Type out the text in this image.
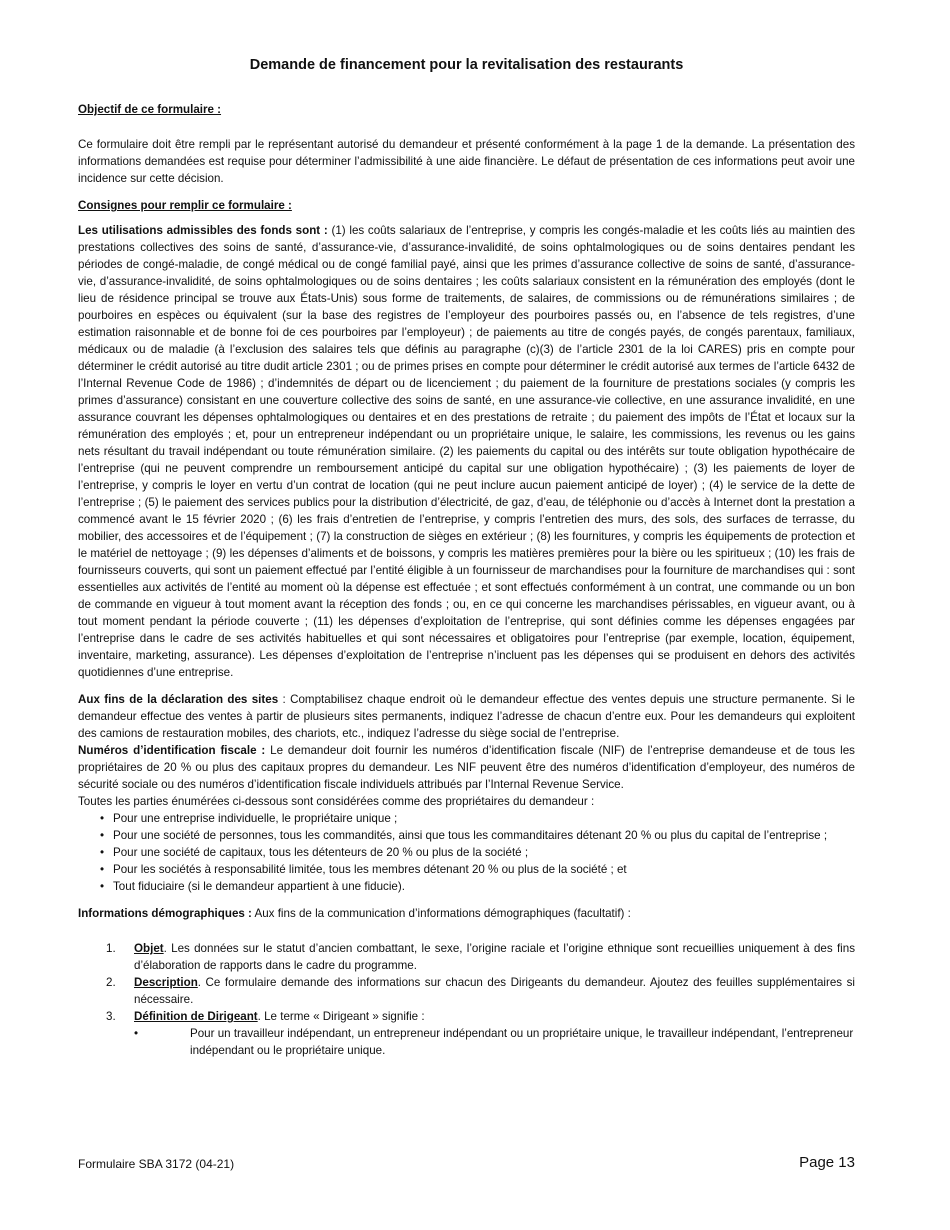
Demande de financement pour la revitalisation des restaurants

Objectif de ce formulaire :

Ce formulaire doit être rempli par le représentant autorisé du demandeur et présenté conformément à la page 1 de la demande. La présentation des informations demandées est requise pour déterminer l’admissibilité à une aide financière. Le défaut de présentation de ces informations peut avoir une incidence sur cette décision.

Consignes pour remplir ce formulaire :

Les utilisations admissibles des fonds sont : (1) les coûts salariaux de l’entreprise, y compris les congés-maladie et les coûts liés au maintien des prestations collectives des soins de santé, d’assurance-vie, d’assurance-invalidité, de soins ophtalmologiques ou de soins dentaires pendant les périodes de congé-maladie, de congé médical ou de congé familial payé, ainsi que les primes d’assurance collective de soins de santé, d’assurance-vie, d’assurance-invalidité, de soins ophtalmologiques ou de soins dentaires ; les coûts salariaux consistent en la rémunération des employés (dont le lieu de résidence principal se trouve aux États-Unis) sous forme de traitements, de salaires, de commissions ou de rémunérations similaires ; de pourboires en espèces ou équivalent (sur la base des registres de l’employeur des pourboires passés ou, en l’absence de tels registres, d’une estimation raisonnable et de bonne foi de ces pourboires par l’employeur) ; de paiements au titre de congés payés, de congés parentaux, familiaux, médicaux ou de maladie (à l’exclusion des salaires tels que définis au paragraphe (c)(3) de l’article 2301 de la loi CARES) pris en compte pour déterminer le crédit autorisé au titre dudit article 2301 ; ou de primes prises en compte pour déterminer le crédit autorisé aux termes de l’article 6432 de l’Internal Revenue Code de 1986) ; d’indemnités de départ ou de licenciement ; du paiement de la fourniture de prestations sociales (y compris les primes d’assurance) consistant en une couverture collective des soins de santé, en une assurance-vie collective, en une assurance invalidité, en une assurance couvrant les dépenses ophtalmologiques ou dentaires et en des prestations de retraite ; du paiement des impôts de l’État et locaux sur la rémunération des employés ; et, pour un entrepreneur indépendant ou un propriétaire unique, le salaire, les commissions, les revenus ou les gains nets résultant du travail indépendant ou toute rémunération similaire. (2) les paiements du capital ou des intérêts sur toute obligation hypothécaire de l’entreprise (qui ne peuvent comprendre un remboursement anticipé du capital sur une obligation hypothécaire) ; (3) les paiements de loyer de l’entreprise, y compris le loyer en vertu d’un contrat de location (qui ne peut inclure aucun paiement anticipé de loyer) ; (4) le service de la dette de l’entreprise ; (5) le paiement des services publics pour la distribution d’électricité, de gaz, d’eau, de téléphonie ou d’accès à Internet dont la prestation a commencé avant le 15 février 2020 ; (6) les frais d’entretien de l’entreprise, y compris l’entretien des murs, des sols, des surfaces de terrasse, du mobilier, des accessoires et de l’équipement ; (7) la construction de sièges en extérieur ; (8) les fournitures, y compris les équipements de protection et le matériel de nettoyage ; (9) les dépenses d’aliments et de boissons, y compris les matières premières pour la bière ou les spiritueux ; (10) les frais de fournisseurs couverts, qui sont un paiement effectué par l’entité éligible à un fournisseur de marchandises pour la fourniture de marchandises qui : sont essentielles aux activités de l’entité au moment où la dépense est effectuée ; et sont effectués conformément à un contrat, une commande ou un bon de commande en vigueur à tout moment avant la réception des fonds ; ou, en ce qui concerne les marchandises périssables, en vigueur avant, ou à tout moment pendant la période couverte ; (11) les dépenses d’exploitation de l’entreprise, qui sont définies comme les dépenses engagées par l’entreprise dans le cadre de ses activités habituelles et qui sont nécessaires et obligatoires pour l’entreprise (par exemple, location, équipement, inventaire, marketing, assurance). Les dépenses d’exploitation de l’entreprise n’incluent pas les dépenses qui se produisent en dehors des activités quotidiennes d’une entreprise.

Aux fins de la déclaration des sites : Comptabilisez chaque endroit où le demandeur effectue des ventes depuis une structure permanente. Si le demandeur effectue des ventes à partir de plusieurs sites permanents, indiquez l’adresse de chacun d’entre eux. Pour les demandeurs qui exploitent des camions de restauration mobiles, des chariots, etc., indiquez l’adresse du siège social de l’entreprise.

Numéros d’identification fiscale : Le demandeur doit fournir les numéros d’identification fiscale (NIF) de l’entreprise demandeuse et de tous les propriétaires de 20 % ou plus des capitaux propres du demandeur. Les NIF peuvent être des numéros d’identification d’employeur, des numéros de sécurité sociale ou des numéros d’identification fiscale individuels attribués par l’Internal Revenue Service.

Toutes les parties énumérées ci-dessous sont considérées comme des propriétaires du demandeur :

• Pour une entreprise individuelle, le propriétaire unique ;
• Pour une société de personnes, tous les commandités, ainsi que tous les commanditaires détenant 20 % ou plus du capital de l’entreprise ;
• Pour une société de capitaux, tous les détenteurs de 20 % ou plus de la société ;
• Pour les sociétés à responsabilité limitée, tous les membres détenant 20 % ou plus de la société ; et
• Tout fiduciaire (si le demandeur appartient à une fiducie).

Informations démographiques : Aux fins de la communication d’informations démographiques (facultatif) :

1. Objet. Les données sur le statut d’ancien combattant, le sexe, l’origine raciale et l’origine ethnique sont recueillies uniquement à des fins d’élaboration de rapports dans le cadre du programme.
2. Description. Ce formulaire demande des informations sur chacun des Dirigeants du demandeur. Ajoutez des feuilles supplémentaires si nécessaire.
3. Définition de Dirigeant. Le terme « Dirigeant » signifie :
• Pour un travailleur indépendant, un entrepreneur indépendant ou un propriétaire unique, le travailleur indépendant, l’entrepreneur indépendant ou le propriétaire unique.
Formulaire SBA 3172 (04-21)	Page 13
